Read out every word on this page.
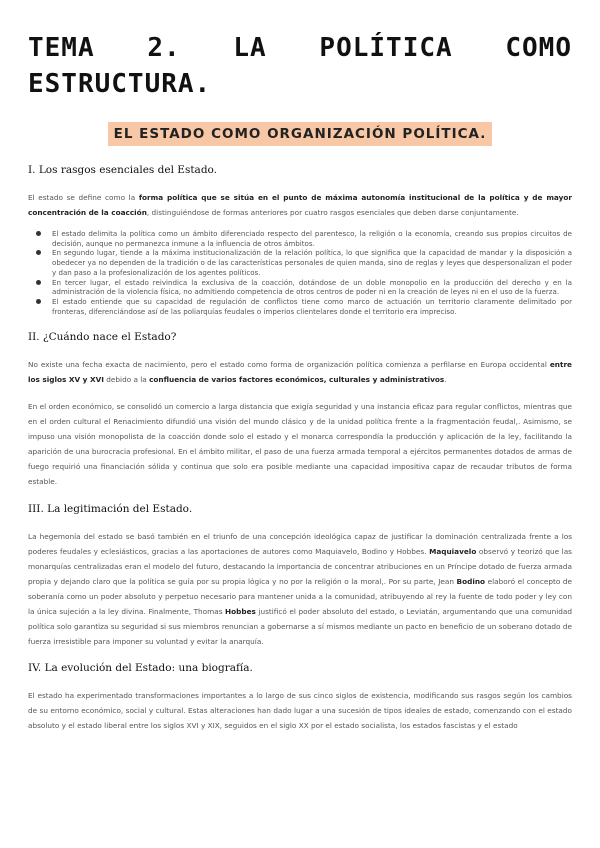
TEMA 2. LA POLÍTICA COMO ESTRUCTURA.
EL ESTADO COMO ORGANIZACIÓN POLÍTICA.
I. Los rasgos esenciales del Estado.

El estado se define como la forma política que se sitúa en el punto de máxima autonomía institucional de la política y de mayor concentración de la coacción, distinguiéndose de formas anteriores por cuatro rasgos esenciales que deben darse conjuntamente.

El estado delimita la política como un ámbito diferenciado respecto del parentesco, la religión o la economía, creando sus propios circuitos de decisión, aunque no permanezca inmune a la influencia de otros ámbitos.
En segundo lugar, tiende a la máxima institucionalización de la relación política, lo que significa que la capacidad de mandar y la disposición a obedecer ya no dependen de la tradición o de las características personales de quien manda, sino de reglas y leyes que despersonalizan el poder y dan paso a la profesionalización de los agentes políticos.
En tercer lugar, el estado reivindica la exclusiva de la coacción, dotándose de un doble monopolio en la producción del derecho y en la administración de la violencia física, no admitiendo competencia de otros centros de poder ni en la creación de leyes ni en el uso de la fuerza.
El estado entiende que su capacidad de regulación de conflictos tiene como marco de actuación un territorio claramente delimitado por fronteras, diferenciándose así de las poliarquías feudales o imperios clientelares donde el territorio era impreciso.
II. ¿Cuándo nace el Estado?

No existe una fecha exacta de nacimiento, pero el estado como forma de organización política comienza a perfilarse en Europa occidental entre los siglos XV y XVI debido a la confluencia de varios factores económicos, culturales y administrativos.

En el orden económico, se consolidó un comercio a larga distancia que exigía seguridad y una instancia eficaz para regular conflictos, mientras que en el orden cultural el Renacimiento difundió una visión del mundo clásico y de la unidad política frente a la fragmentación feudal,. Asimismo, se impuso una visión monopolista de la coacción donde solo el estado y el monarca correspondía la producción y aplicación de la ley, facilitando la aparición de una burocracia profesional. En el ámbito militar, el paso de una fuerza armada temporal a ejércitos permanentes dotados de armas de fuego requirió una financiación sólida y continua que solo era posible mediante una capacidad impositiva capaz de recaudar tributos de forma estable.

III. La legitimación del Estado.

La hegemonía del estado se basó también en el triunfo de una concepción ideológica capaz de justificar la dominación centralizada frente a los poderes feudales y eclesiásticos, gracias a las aportaciones de autores como Maquiavelo, Bodino y Hobbes. Maquiavelo observó y teorizó que las monarquías centralizadas eran el modelo del futuro, destacando la importancia de concentrar atribuciones en un Príncipe dotado de fuerza armada propia y dejando claro que la política se guía por su propia lógica y no por la religión o la moral,. Por su parte, Jean Bodino elaboró el concepto de soberanía como un poder absoluto y perpetuo necesario para mantener unida a la comunidad, atribuyendo al rey la fuente de todo poder y ley con la única sujeción a la ley divina. Finalmente, Thomas Hobbes justificó el poder absoluto del estado, o Leviatán, argumentando que una comunidad política solo garantiza su seguridad si sus miembros renuncian a gobernarse a sí mismos mediante un pacto en beneficio de un soberano dotado de fuerza irresistible para imponer su voluntad y evitar la anarquía.

IV. La evolución del Estado: una biografía.

El estado ha experimentado transformaciones importantes a lo largo de sus cinco siglos de existencia, modificando sus rasgos según los cambios de su entorno económico, social y cultural. Estas alteraciones han dado lugar a una sucesión de tipos ideales de estado, comenzando con el estado absoluto y el estado liberal entre los siglos XVI y XIX, seguidos en el siglo XX por el estado socialista, los estados fascistas y el estado
